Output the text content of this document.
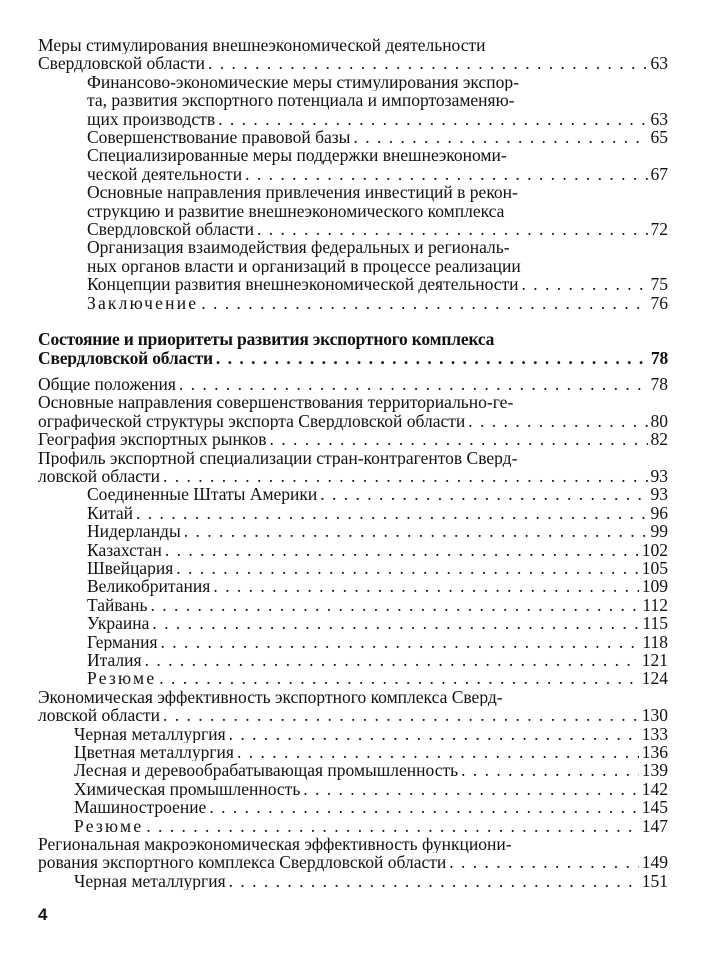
Меры стимулирования внешнеэкономической деятельности
Свердловской области . . .	63
Финансово-экономические меры стимулирования экспор-
та, развития экспортного потенциала и импортозаменяю-
щих производств . . .	63
Совершенствование правовой базы . . .	65
Специализированные меры поддержки внешнеэкономи-
ческой деятельности . . .	67
Основные направления привлечения инвестиций в рекон-
струкцию и развитие внешнеэкономического комплекса
Свердловской области . . .	72
Организация взаимодействия федеральных и региональ-
ных органов власти и организаций в процессе реализации
Концепции развития внешнеэкономической деятельности . . .	75
Заключение . . .	76
Состояние и приоритеты развития экспортного комплекса
Свердловской области . . .	78
Общие положения . . .	78
Основные направления совершенствования территориально-ге-
ографической структуры экспорта Свердловской области . . .	80
География экспортных рынков . . .	82
Профиль экспортной специализации стран-контрагентов Сверд-
ловской области . . .	93
Соединенные Штаты Америки . . .	93
Китай . . .	96
Нидерланды . . .	99
Казахстан . . .	102
Швейцария . . .	105
Великобритания . . .	109
Тайвань . . .	112
Украина . . .	115
Германия . . .	118
Италия . . .	121
Резюме . . .	124
Экономическая эффективность экспортного комплекса Сверд-
ловской области . . .	130
Черная металлургия . . .	133
Цветная металлургия . . .	136
Лесная и деревообрабатывающая промышленность . . .	139
Химическая промышленность . . .	142
Машиностроение . . .	145
Резюме . . .	147
Региональная макроэкономическая эффективность функциони-
рования экспортного комплекса Свердловской области . . .	149
Черная металлургия . . .	151
4
